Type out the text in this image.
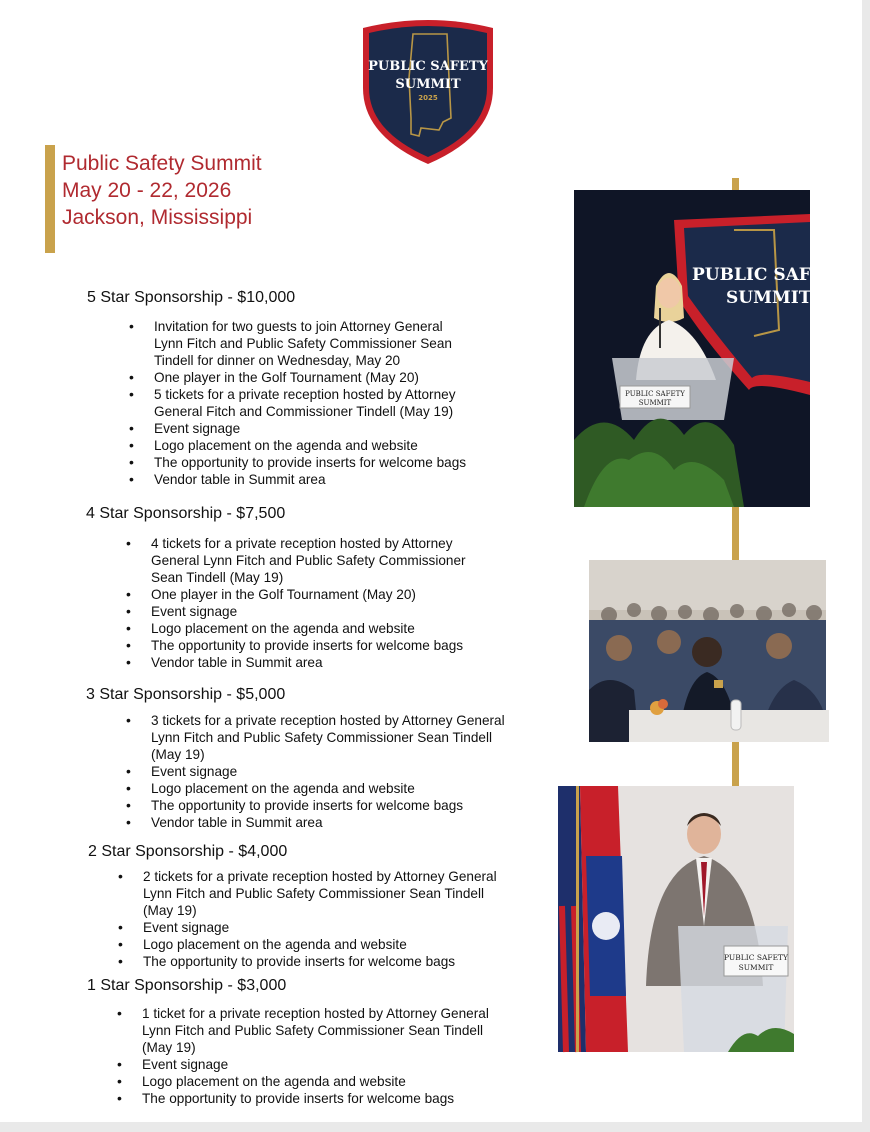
PUBLIC SAFETY
SUMMIT
2025
Public Safety Summit
May 20 - 22, 2026
Jackson, Mississippi
PUBLIC SAFE
SUMMIT
PUBLIC SAFETY
SUMMIT
PUBLIC SAFETY
SUMMIT
5 Star Sponsorship - $10,000
• Invitation for two guests to join Attorney General
Lynn Fitch and Public Safety Commissioner Sean
Tindell for dinner on Wednesday, May 20
• One player in the Golf Tournament (May 20)
• 5 tickets for a private reception hosted by Attorney
General Fitch and Commissioner Tindell (May 19)
• Event signage
• Logo placement on the agenda and website
• The opportunity to provide inserts for welcome bags
• Vendor table in Summit area
4 Star Sponsorship - $7,500
• 4 tickets for a private reception hosted by Attorney
General Lynn Fitch and Public Safety Commissioner
Sean Tindell (May 19)
• One player in the Golf Tournament (May 20)
• Event signage
• Logo placement on the agenda and website
• The opportunity to provide inserts for welcome bags
• Vendor table in Summit area
3 Star Sponsorship - $5,000
• 3 tickets for a private reception hosted by Attorney General
Lynn Fitch and Public Safety Commissioner Sean Tindell
(May 19)
• Event signage
• Logo placement on the agenda and website
• The opportunity to provide inserts for welcome bags
• Vendor table in Summit area
2 Star Sponsorship - $4,000
• 2 tickets for a private reception hosted by Attorney General
Lynn Fitch and Public Safety Commissioner Sean Tindell
(May 19)
• Event signage
• Logo placement on the agenda and website
• The opportunity to provide inserts for welcome bags
1 Star Sponsorship - $3,000
• 1 ticket for a private reception hosted by Attorney General
Lynn Fitch and Public Safety Commissioner Sean Tindell
(May 19)
• Event signage
• Logo placement on the agenda and website
• The opportunity to provide inserts for welcome bags
